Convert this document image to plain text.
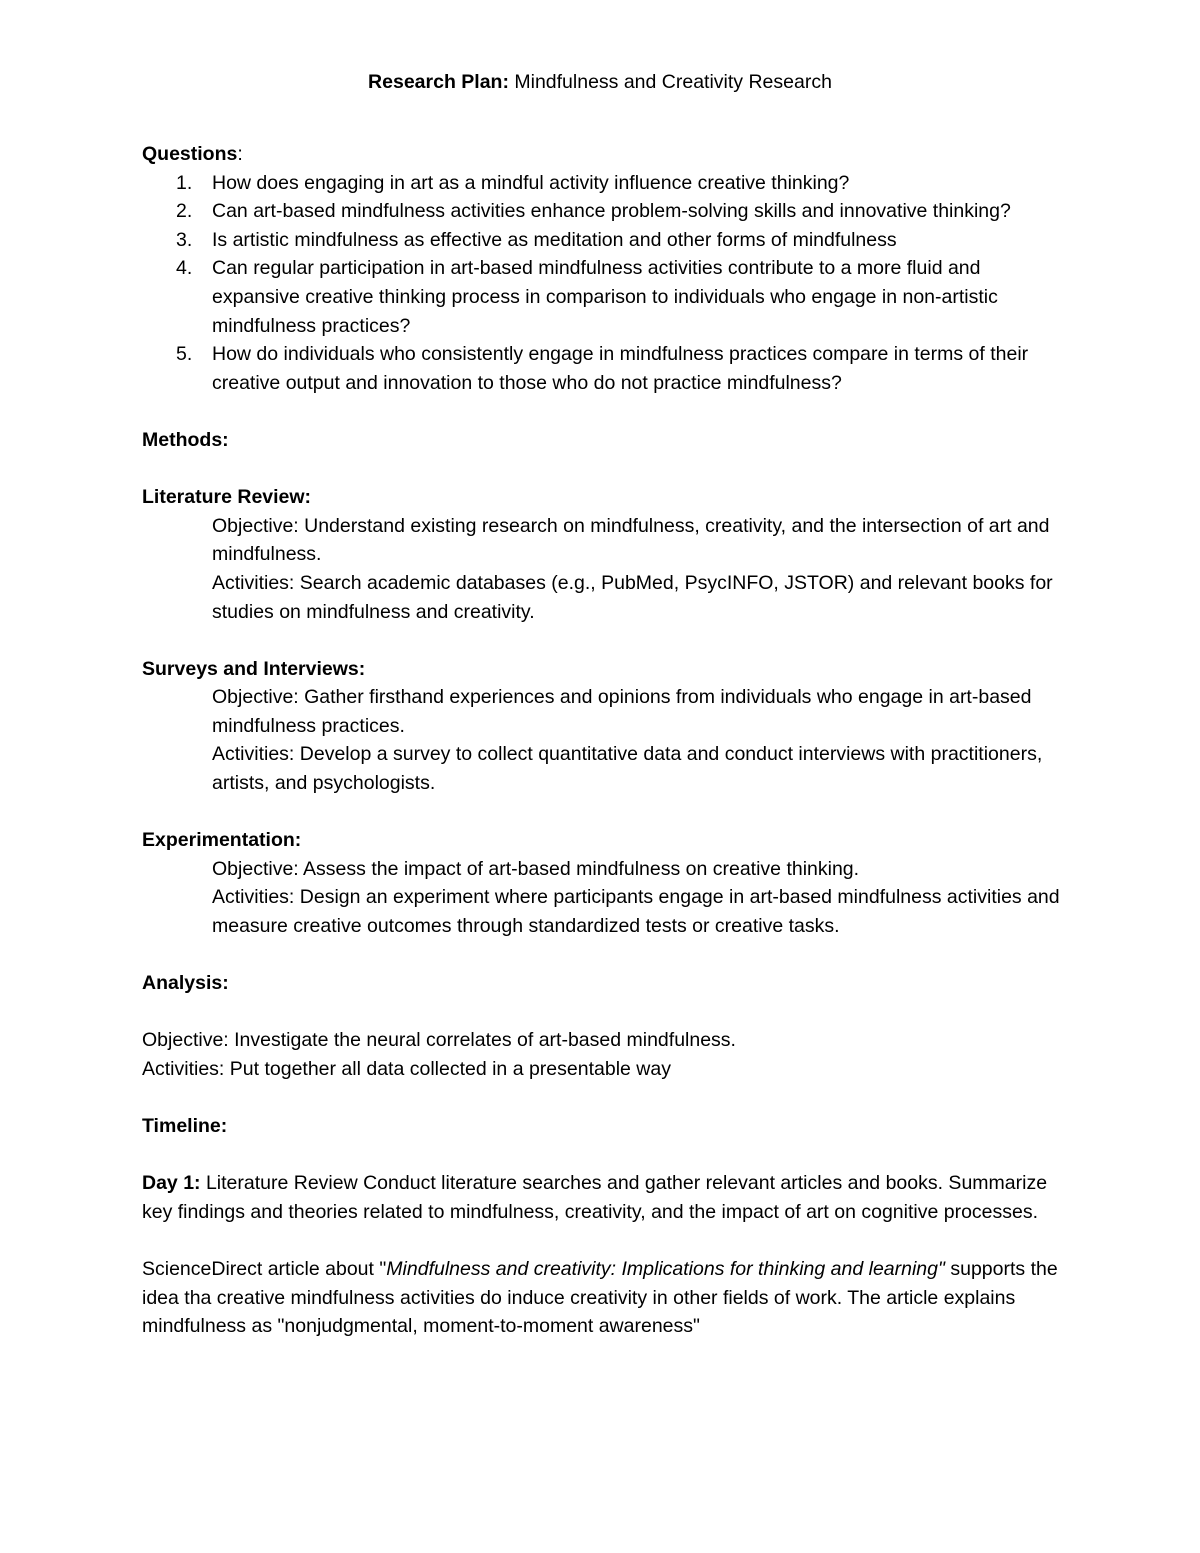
Research Plan: Mindfulness and Creativity Research

Questions:

1. How does engaging in art as a mindful activity influence creative thinking?
2. Can art-based mindfulness activities enhance problem-solving skills and innovative thinking?
3. Is artistic mindfulness as effective as meditation and other forms of mindfulness
4. Can regular participation in art-based mindfulness activities contribute to a more fluid and expansive creative thinking process in comparison to individuals who engage in non-artistic mindfulness practices?
5. How do individuals who consistently engage in mindfulness practices compare in terms of their creative output and innovation to those who do not practice mindfulness?

Methods:

Literature Review:

Objective: Understand existing research on mindfulness, creativity, and the intersection of art and mindfulness.

Activities: Search academic databases (e.g., PubMed, PsycINFO, JSTOR) and relevant books for studies on mindfulness and creativity.

Surveys and Interviews:

Objective: Gather firsthand experiences and opinions from individuals who engage in art-based mindfulness practices.

Activities: Develop a survey to collect quantitative data and conduct interviews with practitioners, artists, and psychologists.

Experimentation:

Objective: Assess the impact of art-based mindfulness on creative thinking.

Activities: Design an experiment where participants engage in art-based mindfulness activities and measure creative outcomes through standardized tests or creative tasks.

Analysis:

Objective: Investigate the neural correlates of art-based mindfulness.

Activities: Put together all data collected in a presentable way

Timeline:

Day 1: Literature Review Conduct literature searches and gather relevant articles and books. Summarize key findings and theories related to mindfulness, creativity, and the impact of art on cognitive processes.

ScienceDirect article about "Mindfulness and creativity: Implications for thinking and learning" supports the idea tha creative mindfulness activities do induce creativity in other fields of work. The article explains mindfulness as "nonjudgmental, moment-to-moment awareness"
